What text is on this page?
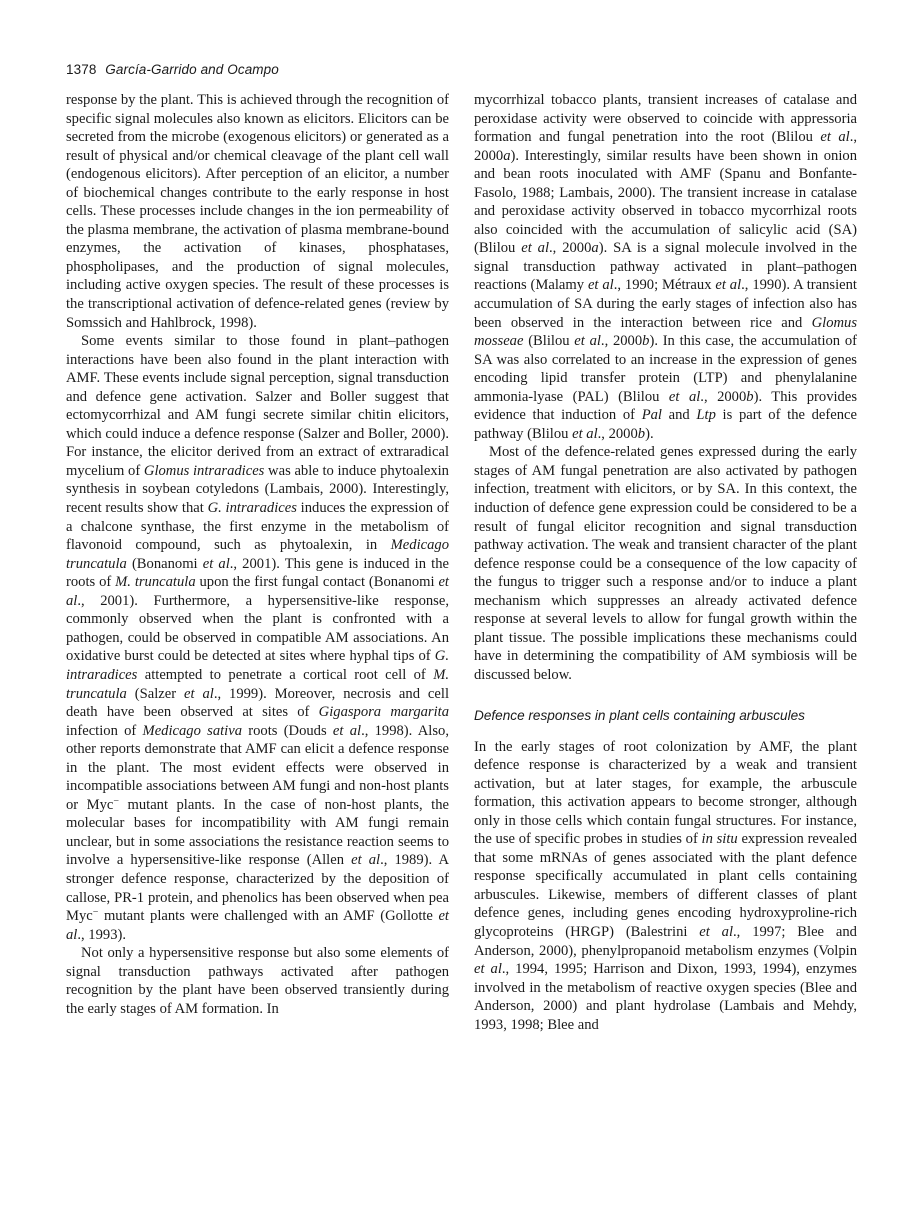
1378 García-Garrido and Ocampo

response by the plant. This is achieved through the recognition of specific signal molecules also known as elicitors. Elicitors can be secreted from the microbe (exogenous elicitors) or generated as a result of physical and/or chemical cleavage of the plant cell wall (endogenous elicitors). After perception of an elicitor, a number of biochemical changes contribute to the early response in host cells. These processes include changes in the ion permeability of the plasma membrane, the activation of plasma membrane-bound enzymes, the activation of kinases, phosphatases, phospholipases, and the production of signal molecules, including active oxygen species. The result of these processes is the transcriptional activation of defence-related genes (review by Somssich and Hahlbrock, 1998).

Some events similar to those found in plant–pathogen interactions have been also found in the plant interaction with AMF. These events include signal perception, signal transduction and defence gene activation. Salzer and Boller suggest that ectomycorrhizal and AM fungi secrete similar chitin elicitors, which could induce a defence response (Salzer and Boller, 2000). For instance, the elicitor derived from an extract of extraradical mycelium of Glomus intraradices was able to induce phytoalexin synthesis in soybean cotyledons (Lambais, 2000). Interestingly, recent results show that G. intraradices induces the expression of a chalcone synthase, the first enzyme in the metabolism of flavonoid compound, such as phytoalexin, in Medicago truncatula (Bonanomi et al., 2001). This gene is induced in the roots of M. truncatula upon the first fungal contact (Bonanomi et al., 2001). Furthermore, a hypersensitive-like response, commonly observed when the plant is confronted with a pathogen, could be observed in compatible AM associations. An oxidative burst could be detected at sites where hyphal tips of G. intraradices attempted to penetrate a cortical root cell of M. truncatula (Salzer et al., 1999). Moreover, necrosis and cell death have been observed at sites of Gigaspora margarita infection of Medicago sativa roots (Douds et al., 1998). Also, other reports demonstrate that AMF can elicit a defence response in the plant. The most evident effects were observed in incompatible associations between AM fungi and non-host plants or Myc− mutant plants. In the case of non-host plants, the molecular bases for incompatibility with AM fungi remain unclear, but in some associations the resistance reaction seems to involve a hypersensitive-like response (Allen et al., 1989). A stronger defence response, characterized by the deposition of callose, PR-1 protein, and phenolics has been observed when pea Myc− mutant plants were challenged with an AMF (Gollotte et al., 1993).

Not only a hypersensitive response but also some elements of signal transduction pathways activated after pathogen recognition by the plant have been observed transiently during the early stages of AM formation. In

mycorrhizal tobacco plants, transient increases of catalase and peroxidase activity were observed to coincide with appressoria formation and fungal penetration into the root (Blilou et al., 2000a). Interestingly, similar results have been shown in onion and bean roots inoculated with AMF (Spanu and Bonfante-Fasolo, 1988; Lambais, 2000). The transient increase in catalase and peroxidase activity observed in tobacco mycorrhizal roots also coincided with the accumulation of salicylic acid (SA) (Blilou et al., 2000a). SA is a signal molecule involved in the signal transduction pathway activated in plant–pathogen reactions (Malamy et al., 1990; Métraux et al., 1990). A transient accumulation of SA during the early stages of infection also has been observed in the interaction between rice and Glomus mosseae (Blilou et al., 2000b). In this case, the accumulation of SA was also correlated to an increase in the expression of genes encoding lipid transfer protein (LTP) and phenylalanine ammonia-lyase (PAL) (Blilou et al., 2000b). This provides evidence that induction of Pal and Ltp is part of the defence pathway (Blilou et al., 2000b).

Most of the defence-related genes expressed during the early stages of AM fungal penetration are also activated by pathogen infection, treatment with elicitors, or by SA. In this context, the induction of defence gene expression could be considered to be a result of fungal elicitor recognition and signal transduction pathway activation. The weak and transient character of the plant defence response could be a consequence of the low capacity of the fungus to trigger such a response and/or to induce a plant mechanism which suppresses an already activated defence response at several levels to allow for fungal growth within the plant tissue. The possible implications these mechanisms could have in determining the compatibility of AM symbiosis will be discussed below.

Defence responses in plant cells containing arbuscules

In the early stages of root colonization by AMF, the plant defence response is characterized by a weak and transient activation, but at later stages, for example, the arbuscule formation, this activation appears to become stronger, although only in those cells which contain fungal structures. For instance, the use of specific probes in studies of in situ expression revealed that some mRNAs of genes associated with the plant defence response specifically accumulated in plant cells containing arbuscules. Likewise, members of different classes of plant defence genes, including genes encoding hydroxyproline-rich glycoproteins (HRGP) (Balestrini et al., 1997; Blee and Anderson, 2000), phenylpropanoid metabolism enzymes (Volpin et al., 1994, 1995; Harrison and Dixon, 1993, 1994), enzymes involved in the metabolism of reactive oxygen species (Blee and Anderson, 2000) and plant hydrolase (Lambais and Mehdy, 1993, 1998; Blee and
